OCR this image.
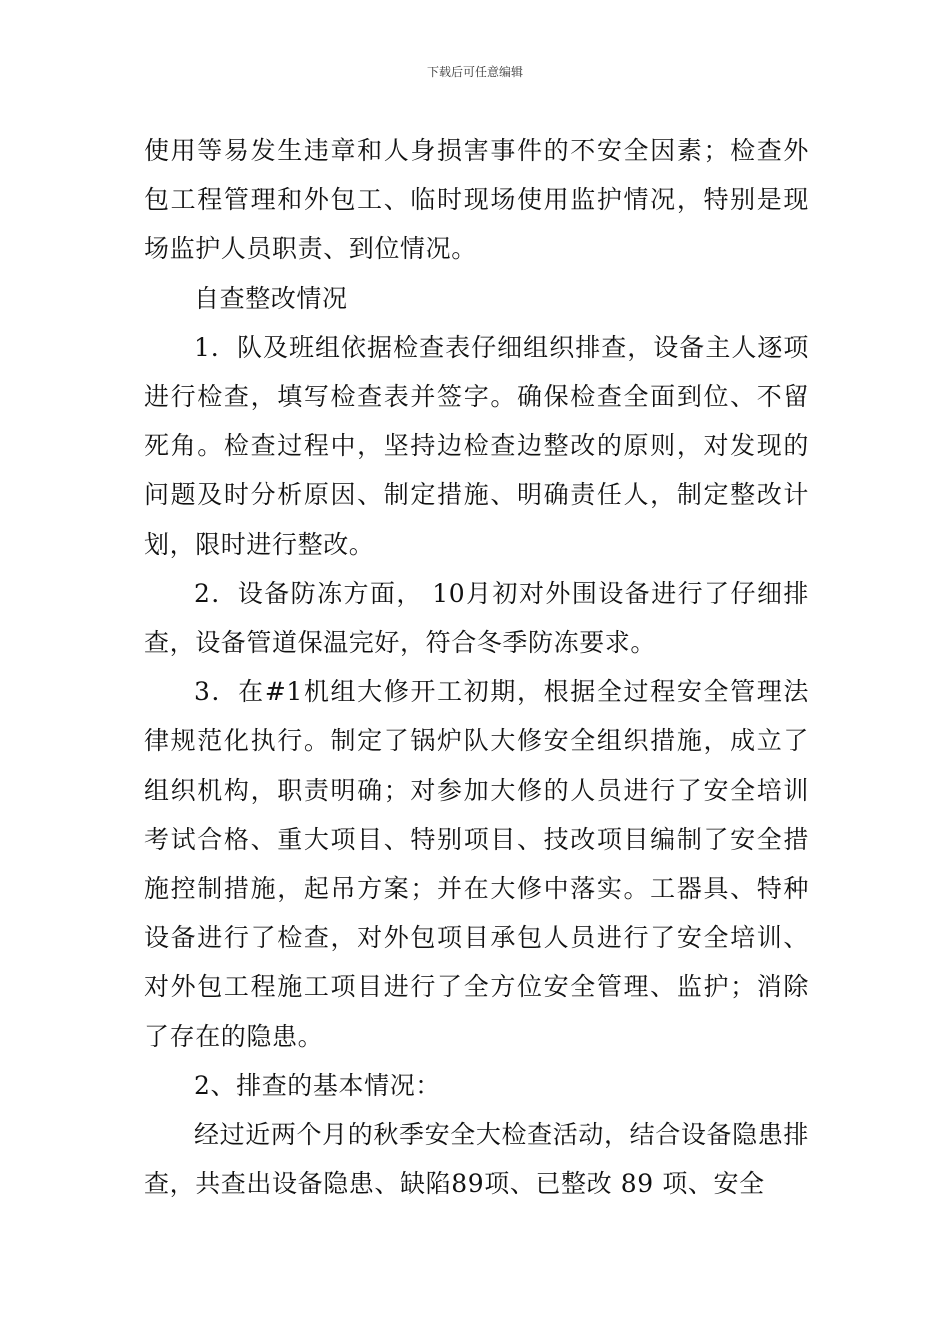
下载后可任意编辑

使用等易发生违章和人身损害事件的不安全因素；检查外包工程管理和外包工、临时现场使用监护情况，特别是现场监护人员职责、到位情况。

自查整改情况

1．队及班组依据检查表仔细组织排查，设备主人逐项进行检查，填写检查表并签字。确保检查全面到位、不留死角。检查过程中，坚持边检查边整改的原则，对发现的问题及时分析原因、制定措施、明确责任人，制定整改计划，限时进行整改。

2．设备防冻方面， 10月初对外围设备进行了仔细排查，设备管道保温完好，符合冬季防冻要求。

3．在#1机组大修开工初期，根据全过程安全管理法律规范化执行。制定了锅炉队大修安全组织措施，成立了组织机构，职责明确；对参加大修的人员进行了安全培训考试合格、重大项目、特别项目、技改项目编制了安全措施控制措施，起吊方案；并在大修中落实。工器具、特种设备进行了检查，对外包项目承包人员进行了安全培训、对外包工程施工项目进行了全方位安全管理、监护；消除了存在的隐患。

2、排查的基本情况：

经过近两个月的秋季安全大检查活动，结合设备隐患排查，共查出设备隐患、缺陷89项、已整改 89 项、安全
